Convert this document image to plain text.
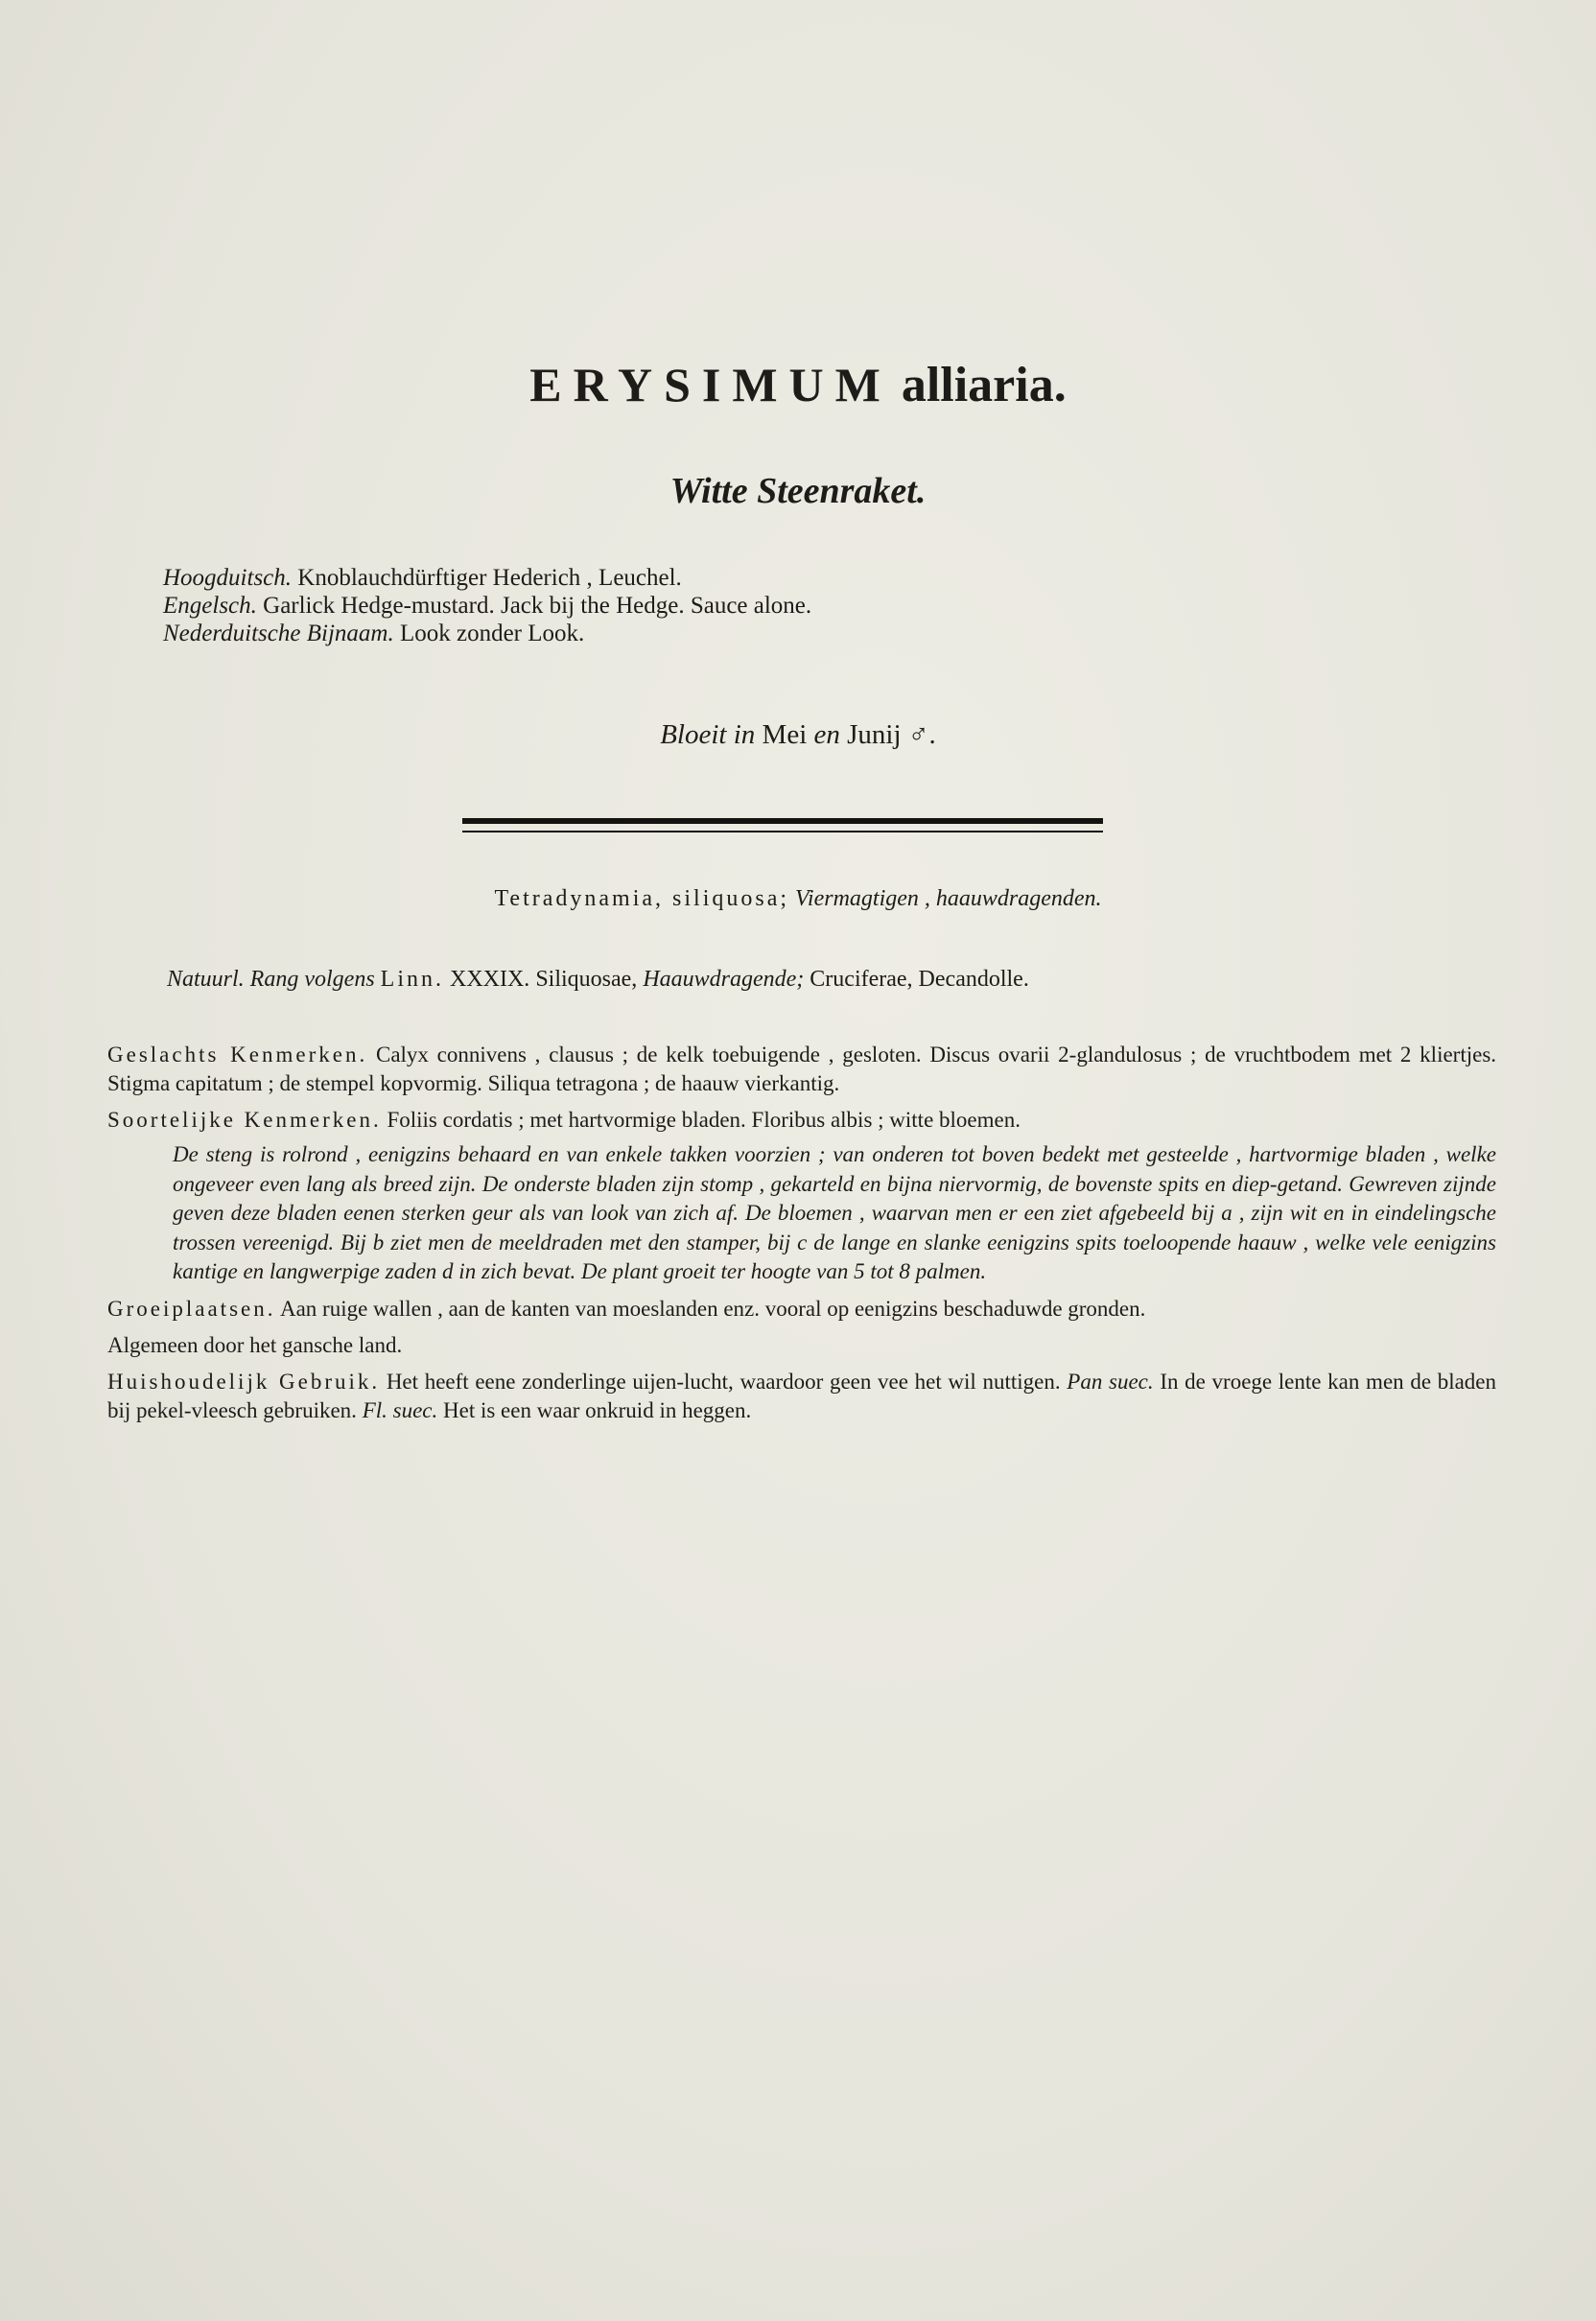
ERYSIMUM alliaria.
Witte Steenraket.
Hoogduitsch. Knoblauchdürftiger Hederich , Leuchel.
Engelsch. Garlick Hedge-mustard. Jack bij the Hedge. Sauce alone.
Nederduitsche Bijnaam. Look zonder Look.
Bloeit in Mei en Junij ♂.
Tetradynamia, siliquosa; Viermagtigen , haauwdragenden.
Natuurl. Rang volgens Linn. XXXIX. Siliquosae, Haauwdragende; Cruciferae, Decandolle.

Geslachts Kenmerken. Calyx connivens , clausus ; de kelk toebuigende , gesloten. Discus ovarii 2-glandulosus ; de vruchtbodem met 2 kliertjes. Stigma capitatum ; de stempel kopvormig. Siliqua tetragona ; de haauw vierkantig.

Soortelijke Kenmerken. Foliis cordatis ; met hartvormige bladen. Floribus albis ; witte bloemen.

De steng is rolrond , eenigzins behaard en van enkele takken voorzien ; van onderen tot boven bedekt met gesteelde , hartvormige bladen , welke ongeveer even lang als breed zijn. De onderste bladen zijn stomp , gekarteld en bijna niervormig, de bovenste spits en diep-getand. Gewreven zijnde geven deze bladen eenen sterken geur als van look van zich af. De bloemen , waarvan men er een ziet afgebeeld bij a , zijn wit en in eindelingsche trossen vereenigd. Bij b ziet men de meeldraden met den stamper, bij c de lange en slanke eenigzins spits toeloopende haauw , welke vele eenigzins kantige en langwerpige zaden d in zich bevat. De plant groeit ter hoogte van 5 tot 8 palmen.

Groeiplaatsen. Aan ruige wallen , aan de kanten van moeslanden enz. vooral op eenigzins beschaduwde gronden.

Algemeen door het gansche land.

Huishoudelijk Gebruik. Het heeft eene zonderlinge uijen-lucht, waardoor geen vee het wil nuttigen. Pan suec. In de vroege lente kan men de bladen bij pekel-vleesch gebruiken. Fl. suec. Het is een waar onkruid in heggen.
